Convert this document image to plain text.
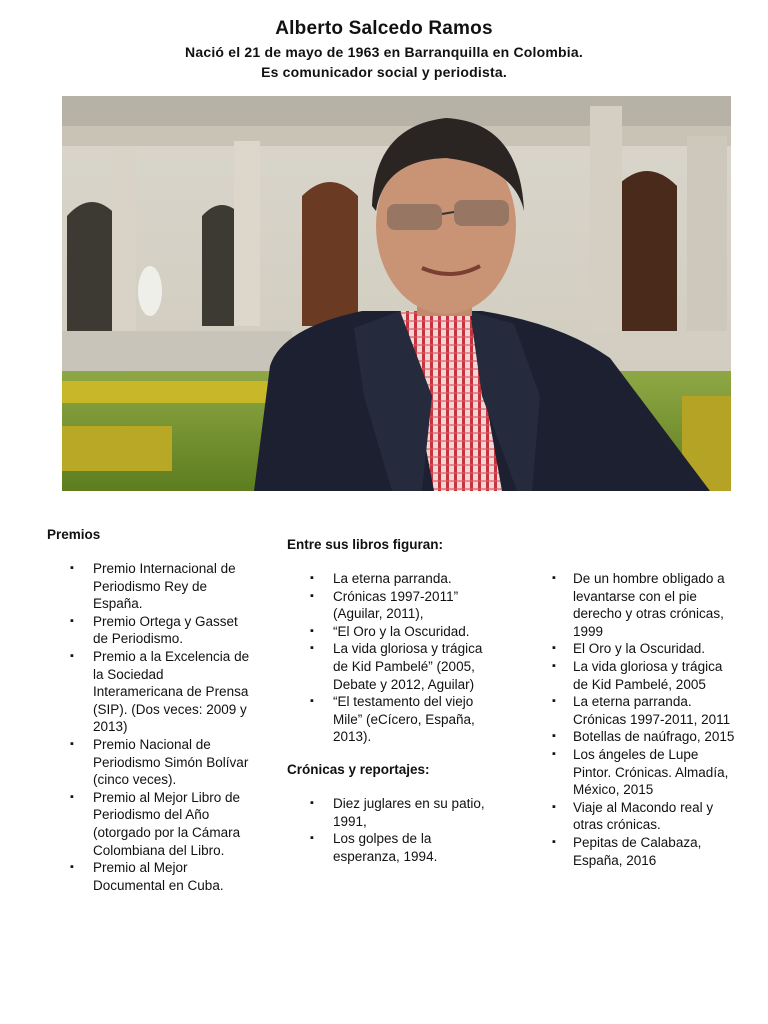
Alberto Salcedo Ramos

Nació el 21 de mayo de 1963 en Barranquilla en Colombia.

Es comunicador social y periodista.

Premios
▪ Premio Internacional de Periodismo Rey de España.
▪ Premio Ortega y Gasset de Periodismo.
▪ Premio a la Excelencia de la Sociedad Interamericana de Prensa (SIP). (Dos veces: 2009 y 2013)
▪ Premio Nacional de Periodismo Simón Bolívar (cinco veces).
▪ Premio al Mejor Libro de Periodismo del Año (otorgado por la Cámara Colombiana del Libro.
▪ Premio al Mejor Documental en Cuba.
Entre sus libros figuran:
▪ La eterna parranda.
▪ Crónicas 1997-2011” (Aguilar, 2011),
▪ “El Oro y la Oscuridad.
▪ La vida gloriosa y trágica de Kid Pambelé” (2005, Debate y 2012, Aguilar)
▪ “El testamento del viejo Mile” (eCícero, España, 2013).
Crónicas y reportajes:
▪ Diez juglares en su patio, 1991,
▪ Los golpes de la esperanza, 1994.
▪ De un hombre obligado a levantarse con el pie derecho y otras crónicas, 1999
▪ El Oro y la Oscuridad.
▪ La vida gloriosa y trágica de Kid Pambelé, 2005
▪ La eterna parranda. Crónicas 1997-2011, 2011
▪ Botellas de naúfrago, 2015
▪ Los ángeles de Lupe Pintor. Crónicas. Almadía, México, 2015
▪ Viaje al Macondo real y otras crónicas.
▪ Pepitas de Calabaza, España, 2016
